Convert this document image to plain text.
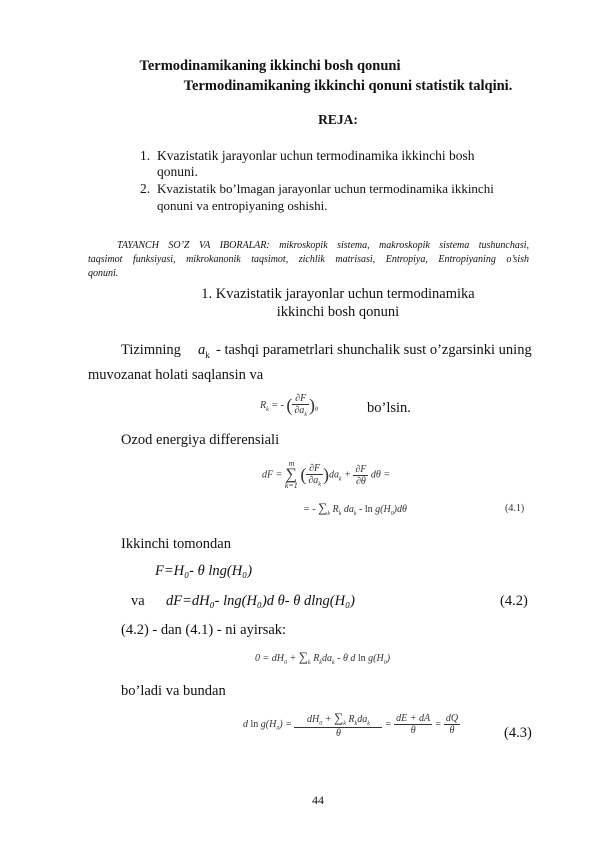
Termodinamikaning ikkinchi bosh qonuni
Termodinamikaning ikkinchi qonuni statistik talqini.
REJA:
1. Kvazistatik jarayonlar uchun termodinamika ikkinchi bosh
qonuni.
2. Kvazistatik bo’lmagan jarayonlar uchun termodinamika ikkinchi
qonuni va entropiyaning oshishi.
TAYANCH SO’Z VA IBORALAR: mikroskopik sistema, makroskopik sistema tushunchasi,
taqsimot funksiyasi, mikrokanonik taqsimot, zichlik matrisasi, Entropiya, Entropiyaning o’sish
qonuni.
1. Kvazistatik jarayonlar uchun termodinamika
ikkinchi bosh qonuni
Tizimning $a_k$ - tashqi parametrlari shunchalik sust o’zgarsinki uning
muvozanat holati saqlansin va
$R_k$ = - ( $\frac{\partial F}{\partial a_k} )_\theta$	bo’lsin.
Ozod energiya differensiali
dF =
m
∑
k=1
( $\frac{\partial F}{\partial a_k} )da_k + \frac{\partial F}{\partial\theta}$ dθ =
= - $\sum_k$ $R_k$ $da_k$ - $\ln g(H_0)d\theta$	(4.1)
Ikkinchi tomondan
F=H₀- θ lng(H₀)
va dF=dH₀- lng(H₀)d θ- θ dlng(H₀)	(4.2)
(4.2) - dan (4.1) - ni ayirsak:
$0 = dH_0 + \sum_k$ $R_kda_k$ - θ d $\ln g(H_0)$
bo’ladi va bundan
d $\ln g(H_0) = \frac{dH_0 + \sum_k R_kda_k}{\theta} = \frac{dE + dA}{\theta} = \frac{dQ}{\theta}$	(4.3)
44
